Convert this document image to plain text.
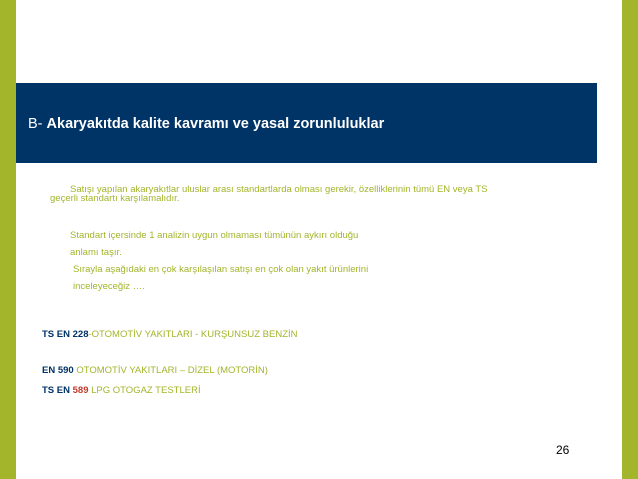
B- Akaryakıtda kalite kavramı ve yasal zorunluluklar
Satışı yapılan akaryakıtlar uluslar arası standartlarda olması gerekir, özelliklerinin tümü EN veya TS
geçerli standartı karşılamalıdır.
Standart içersinde 1 analizin uygun olmaması tümünün aykırı olduğu
anlamı taşır.
Sırayla aşağıdaki en çok karşılaşılan satışı en çok olan yakıt ürünlerini
inceleyeceğiz ….
TS EN 228-OTOMOTİV YAKITLARI - KURŞUNSUZ BENZİN
EN 590 OTOMOTİV YAKITLARI – DİZEL (MOTORİN)
TS EN 589 LPG OTOGAZ TESTLERİ
26
